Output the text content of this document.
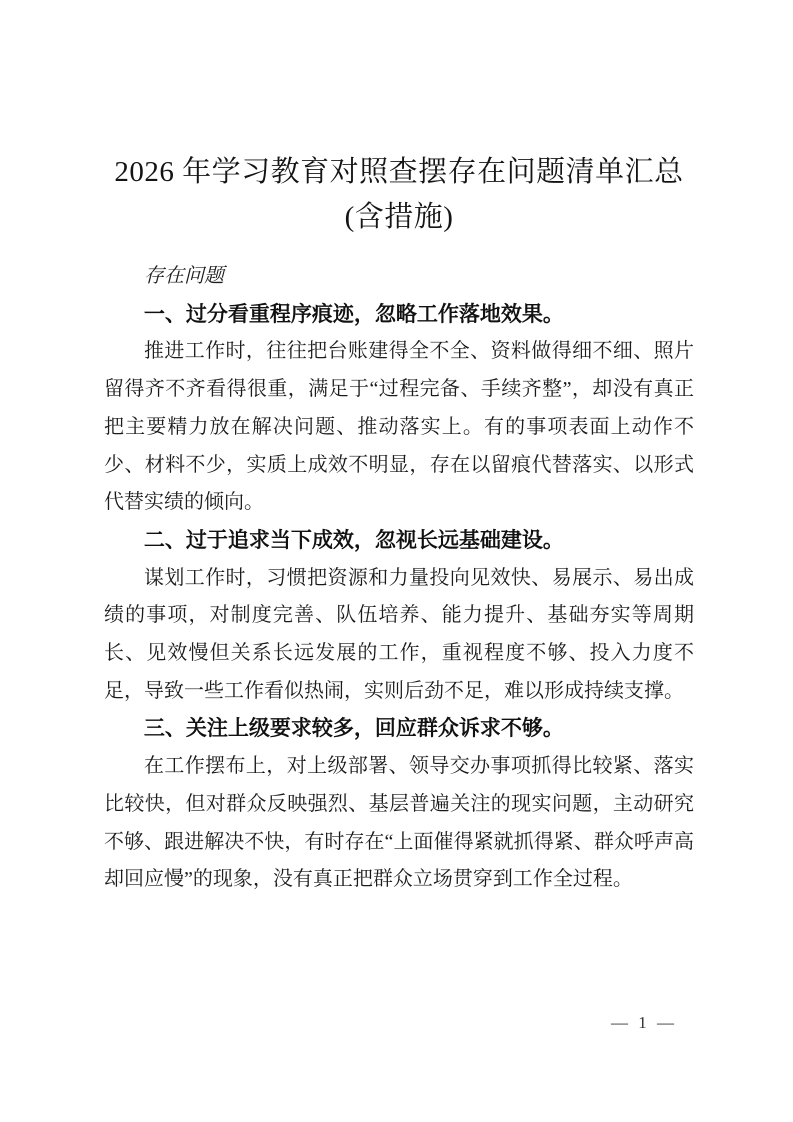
2026 年学习教育对照查摆存在问题清单汇总
(含措施)

存在问题

一、过分看重程序痕迹，忽略工作落地效果。

推进工作时，往往把台账建得全不全、资料做得细不细、照片留得齐不齐看得很重，满足于“过程完备、手续齐整”，却没有真正把主要精力放在解决问题、推动落实上。有的事项表面上动作不少、材料不少，实质上成效不明显，存在以留痕代替落实、以形式代替实绩的倾向。

二、过于追求当下成效，忽视长远基础建设。

谋划工作时，习惯把资源和力量投向见效快、易展示、易出成绩的事项，对制度完善、队伍培养、能力提升、基础夯实等周期长、见效慢但关系长远发展的工作，重视程度不够、投入力度不足，导致一些工作看似热闹，实则后劲不足，难以形成持续支撑。

三、关注上级要求较多，回应群众诉求不够。

在工作摆布上，对上级部署、领导交办事项抓得比较紧、落实比较快，但对群众反映强烈、基层普遍关注的现实问题，主动研究不够、跟进解决不快，有时存在“上面催得紧就抓得紧、群众呼声高却回应慢”的现象，没有真正把群众立场贯穿到工作全过程。

— 1 —
